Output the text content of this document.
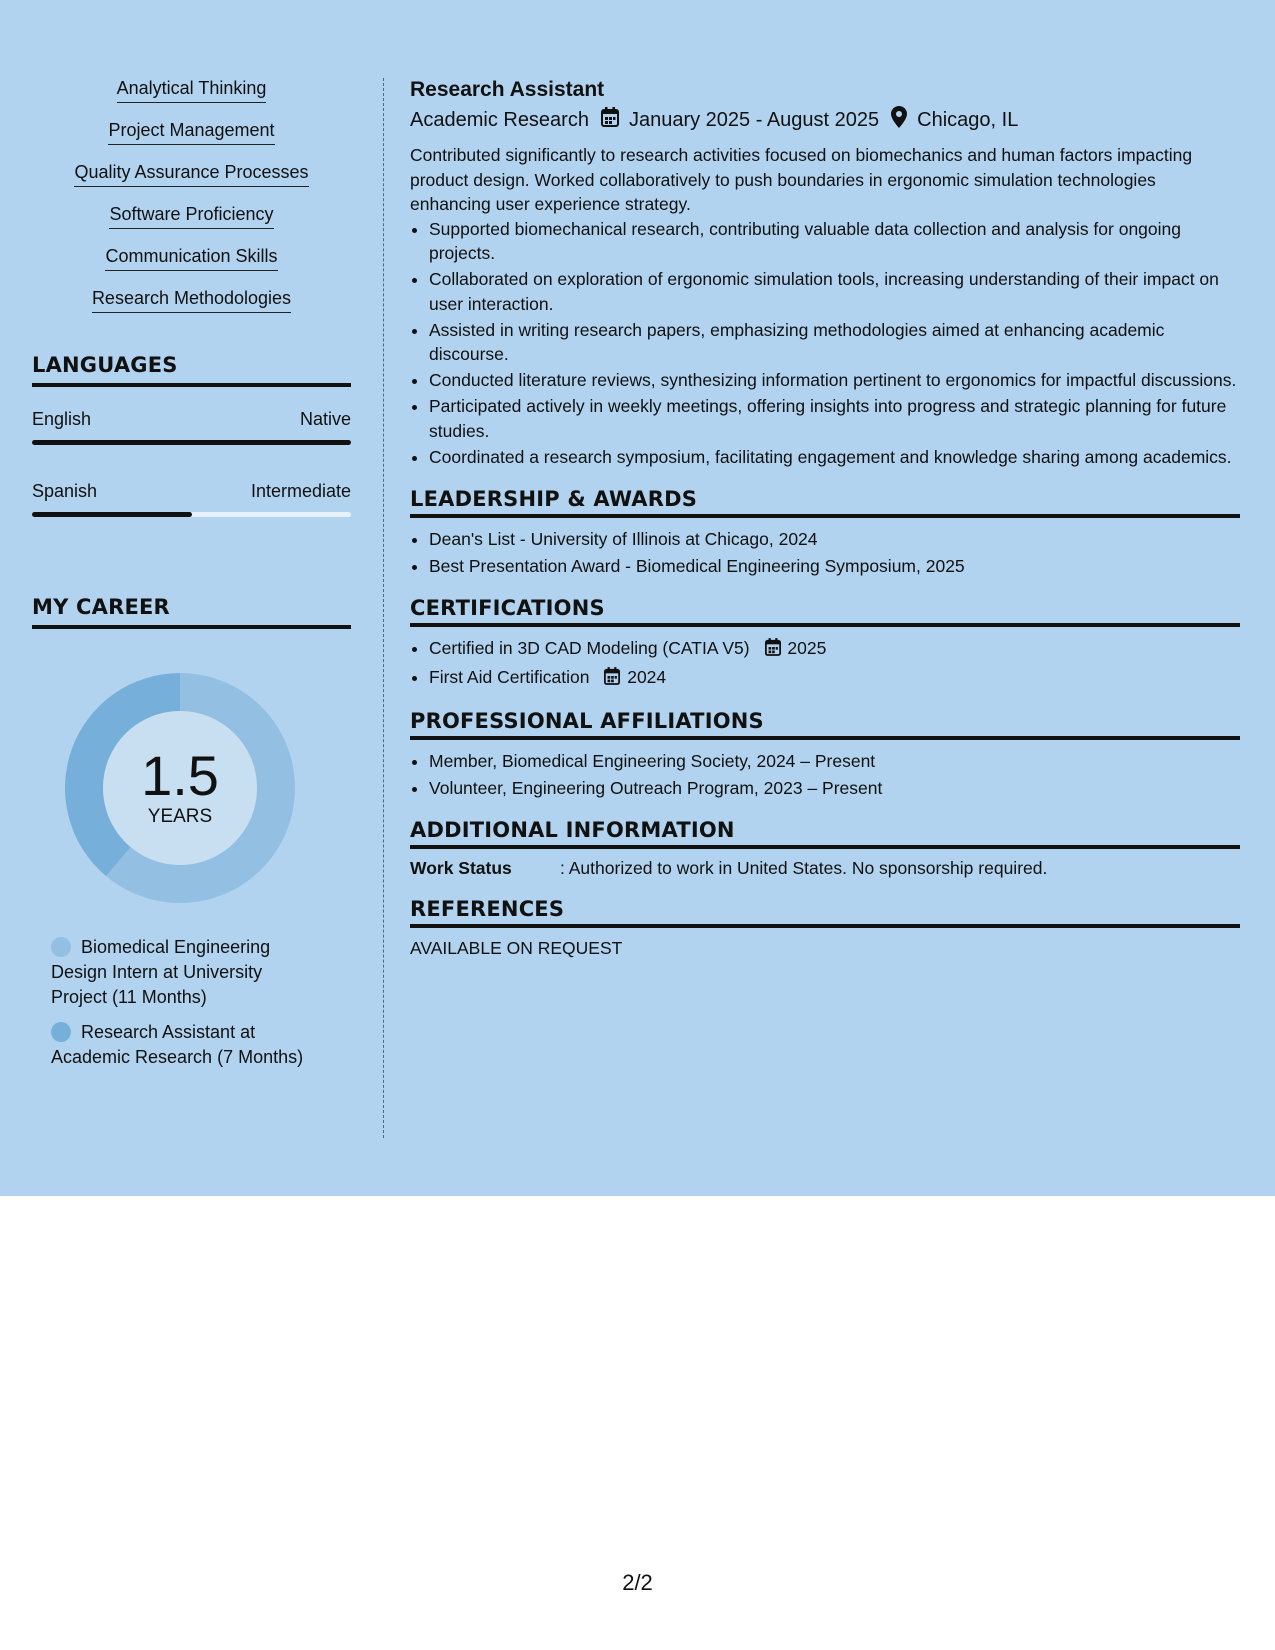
Analytical Thinking
Project Management
Quality Assurance Processes
Software Proficiency
Communication Skills
Research Methodologies
LANGUAGES
English	Native
Spanish	Intermediate
MY CAREER
1.5
YEARS
Biomedical Engineering Design Intern at University Project (11 Months)
Research Assistant at Academic Research (7 Months)
Research Assistant
Academic Research January 2025 - August 2025 Chicago, IL
Contributed significantly to research activities focused on biomechanics and human factors impacting product design. Worked collaboratively to push boundaries in ergonomic simulation technologies enhancing user experience strategy.
• Supported biomechanical research, contributing valuable data collection and analysis for ongoing projects.
• Collaborated on exploration of ergonomic simulation tools, increasing understanding of their impact on user interaction.
• Assisted in writing research papers, emphasizing methodologies aimed at enhancing academic discourse.
• Conducted literature reviews, synthesizing information pertinent to ergonomics for impactful discussions.
• Participated actively in weekly meetings, offering insights into progress and strategic planning for future studies.
• Coordinated a research symposium, facilitating engagement and knowledge sharing among academics.
LEADERSHIP & AWARDS
• Dean's List - University of Illinois at Chicago, 2024
• Best Presentation Award - Biomedical Engineering Symposium, 2025
CERTIFICATIONS
• Certified in 3D CAD Modeling (CATIA V5) 2025
• First Aid Certification 2024
PROFESSIONAL AFFILIATIONS
• Member, Biomedical Engineering Society, 2024 – Present
• Volunteer, Engineering Outreach Program, 2023 – Present
ADDITIONAL INFORMATION
Work Status	: Authorized to work in United States. No sponsorship required.
REFERENCES
AVAILABLE ON REQUEST
2/2
